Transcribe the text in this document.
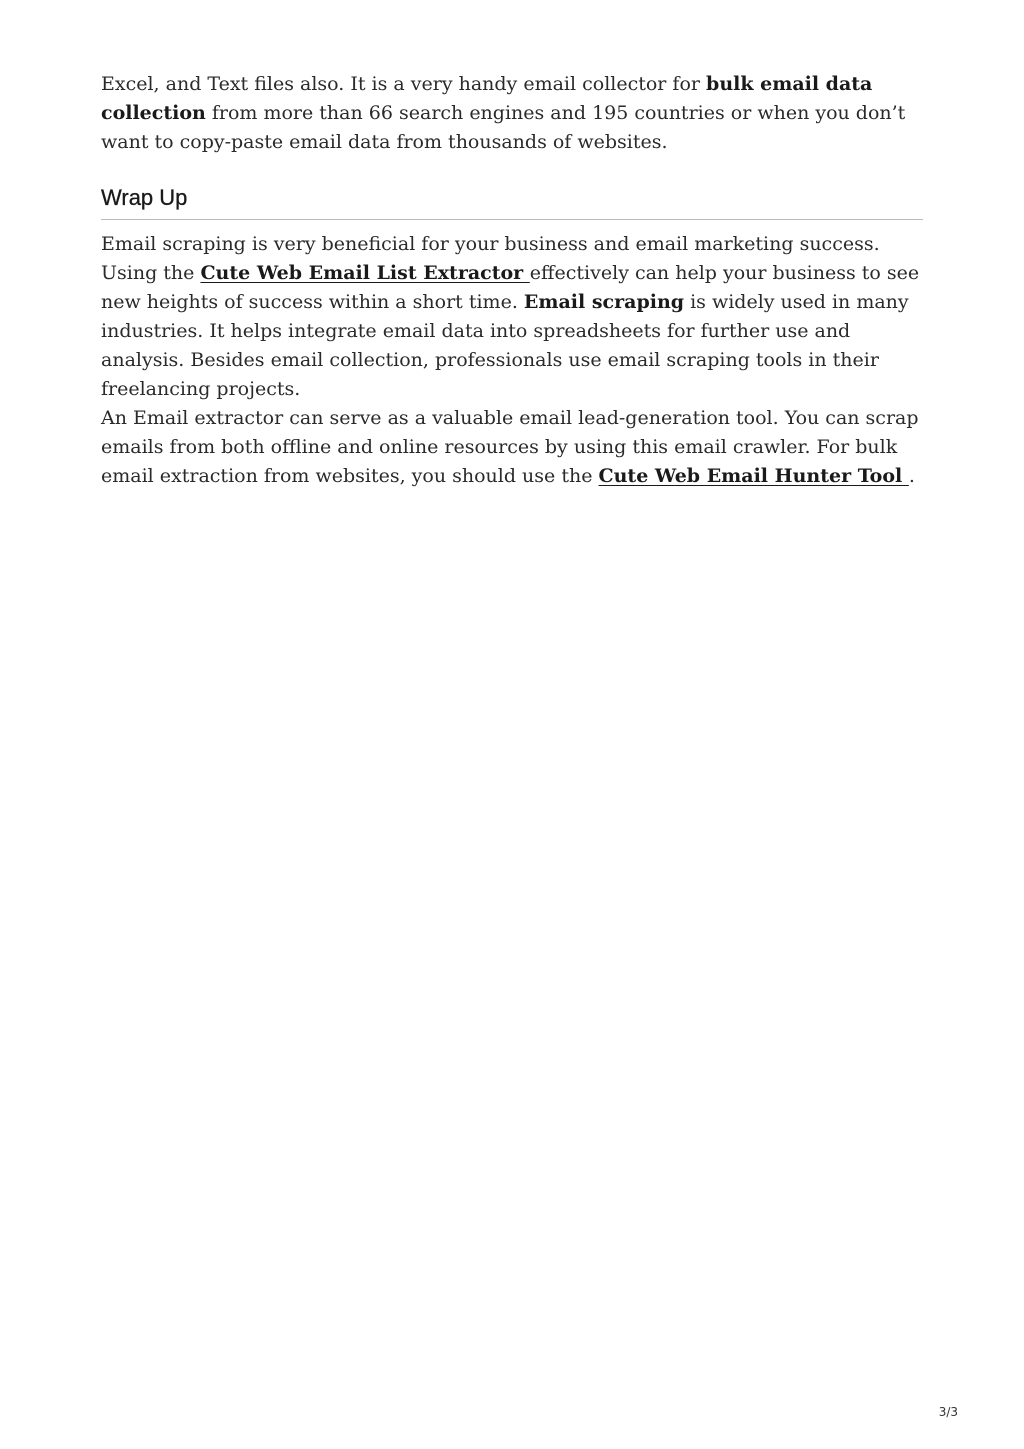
Excel, and Text files also. It is a very handy email collector for bulk email data collection from more than 66 search engines and 195 countries or when you don’t want to copy-paste email data from thousands of websites.

Wrap Up

Email scraping is very beneficial for your business and email marketing success. Using the Cute Web Email List Extractor effectively can help your business to see new heights of success within a short time. Email scraping is widely used in many industries. It helps integrate email data into spreadsheets for further use and analysis. Besides email collection, professionals use email scraping tools in their freelancing projects.

An Email extractor can serve as a valuable email lead-generation tool. You can scrap emails from both offline and online resources by using this email crawler. For bulk email extraction from websites, you should use the Cute Web Email Hunter Tool .

3/3
